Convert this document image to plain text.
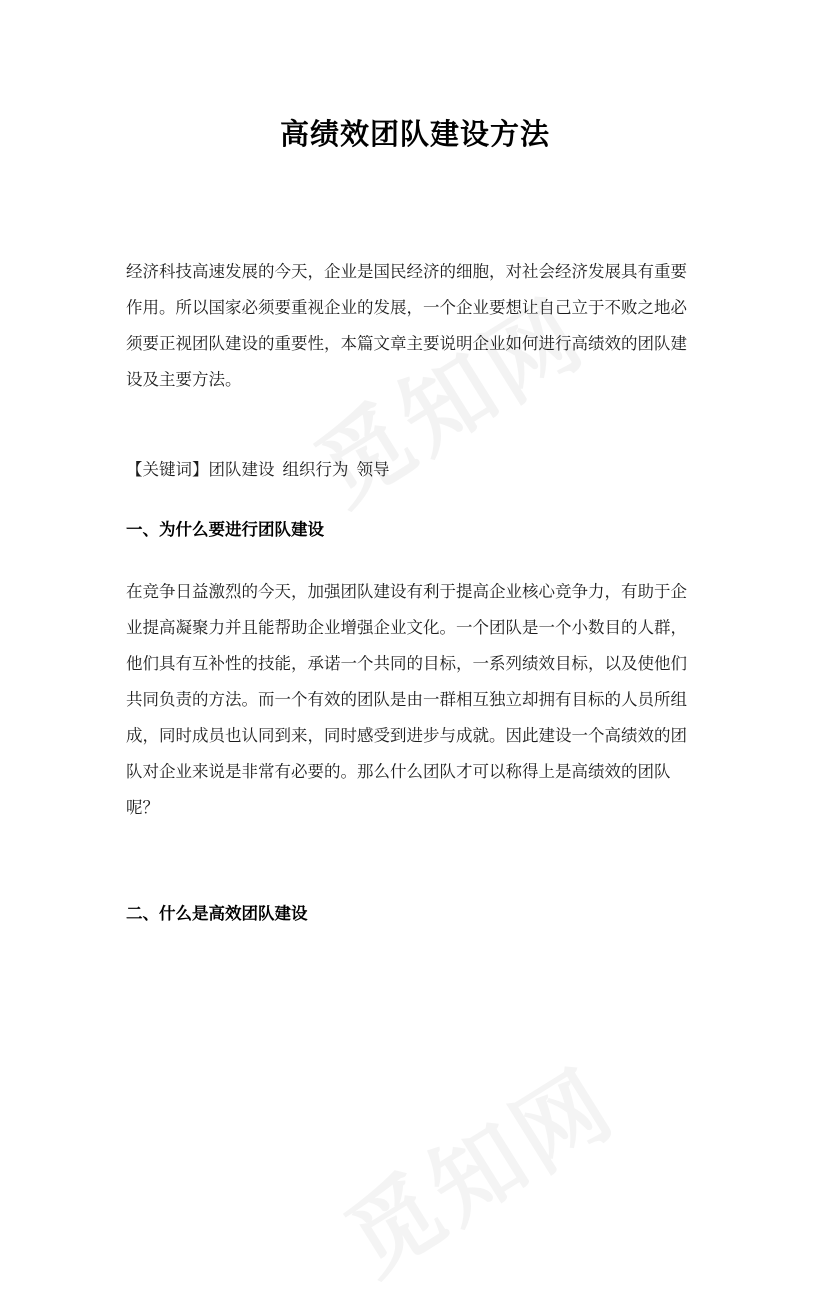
高绩效团队建设方法

经济科技高速发展的今天，企业是国民经济的细胞，对社会经济发展具有重要
作用。所以国家必须要重视企业的发展，一个企业要想让自己立于不败之地必
须要正视团队建设的重要性，本篇文章主要说明企业如何进行高绩效的团队建
设及主要方法。

【关键词】团队建设 组织行为 领导

一、为什么要进行团队建设

在竞争日益激烈的今天，加强团队建设有利于提高企业核心竞争力，有助于企
业提高凝聚力并且能帮助企业增强企业文化。一个团队是一个小数目的人群，
他们具有互补性的技能，承诺一个共同的目标，一系列绩效目标，以及使他们
共同负责的方法。而一个有效的团队是由一群相互独立却拥有目标的人员所组
成，同时成员也认同到来，同时感受到进步与成就。因此建设一个高绩效的团
队对企业来说是非常有必要的。那么什么团队才可以称得上是高绩效的团队
呢？

二、什么是高效团队建设
